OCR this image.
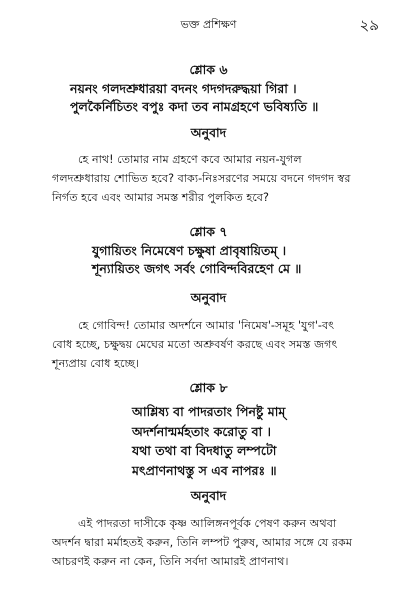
ভক্ত প্রশিক্ষণ	২৯
শ্লোক ৬
নয়নং গলদশ্রুধারয়া বদনং গদগদরুদ্ধয়া গিরা ।
পুলকৈর্নিচিতং বপুঃ কদা তব নামগ্রহণে ভবিষ্যতি ॥
অনুবাদ
হে নাথ! তোমার নাম গ্রহণে কবে আমার নয়ন-যুগল
গলদশ্রুধারায় শোভিত হবে? বাক্য-নিঃসরণের সময়ে বদনে গদগদ স্বর
নির্গত হবে এবং আমার সমস্ত শরীর পুলকিত হবে?
শ্লোক ৭
যুগায়িতং নিমেষেণ চক্ষুষা প্রাবৃষায়িতম্ ।
শূন্যায়িতং জগৎ সর্বং গোবিন্দবিরহেণ মে ॥
অনুবাদ
হে গোবিন্দ! তোমার অদর্শনে আমার 'নিমেষ'-সমূহ 'যুগ'-বৎ
বোধ হচ্ছে, চক্ষুদ্বয় মেঘের মতো অশ্রুবর্ষণ করছে এবং সমস্ত জগৎ
শূন্যপ্রায় বোধ হচ্ছে।
শ্লোক ৮
আশ্লিষ্য বা পাদরতাং পিনষ্টু মাম্
অদর্শনান্মর্মহতাং করোতু বা ।
যথা তথা বা বিদধাতু লম্পটো
মৎপ্রাণনাথস্তু স এব নাপরঃ ॥
অনুবাদ
এই পাদরতা দাসীকে কৃষ্ণ আলিঙ্গনপূর্বক পেষণ করুন অথবা
অদর্শন দ্বারা মর্মাহতই করুন, তিনি লম্পট পুরুষ, আমার সঙ্গে যে রকম
আচরণই করুন না কেন, তিনি সর্বদা আমারই প্রাণনাথ।
